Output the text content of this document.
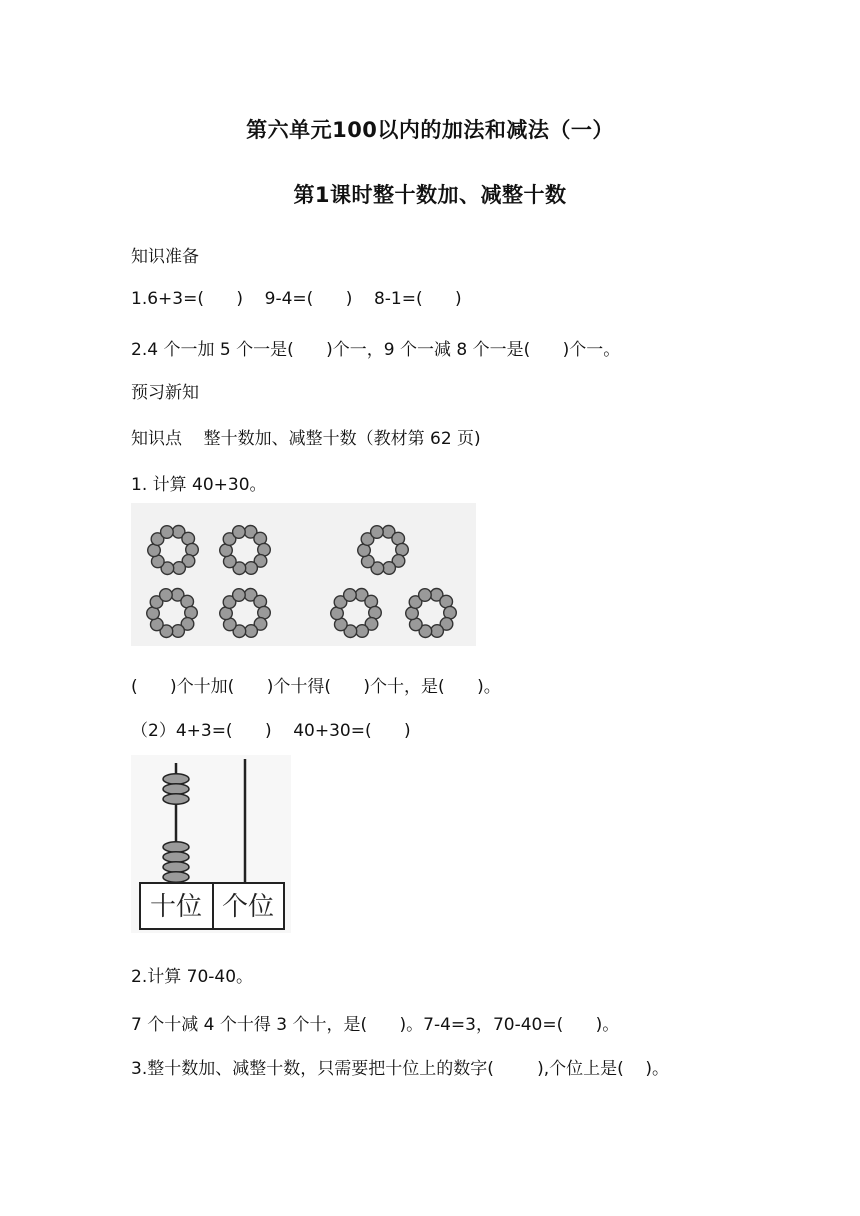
第六单元100以内的加法和减法（一）
第1课时整十数加、减整十数
知识准备
1.6+3=(      )    9-4=(      )    8-1=(      )
2.4 个一加 5 个一是(      )个一，9 个一减 8 个一是(      )个一。
预习新知
知识点    整十数加、减整十数（教材第 62 页)
1. 计算 40+30。
(      )个十加(      )个十得(      )个十，是(      )。
（2）4+3=(      )    40+30=(      )
十位 个位
2.计算 70-40。
7 个十减 4 个十得 3 个十，是(      )。7-4=3，70-40=(      )。
3.整十数加、减整十数，只需要把十位上的数字(        ),个位上是(    )。
